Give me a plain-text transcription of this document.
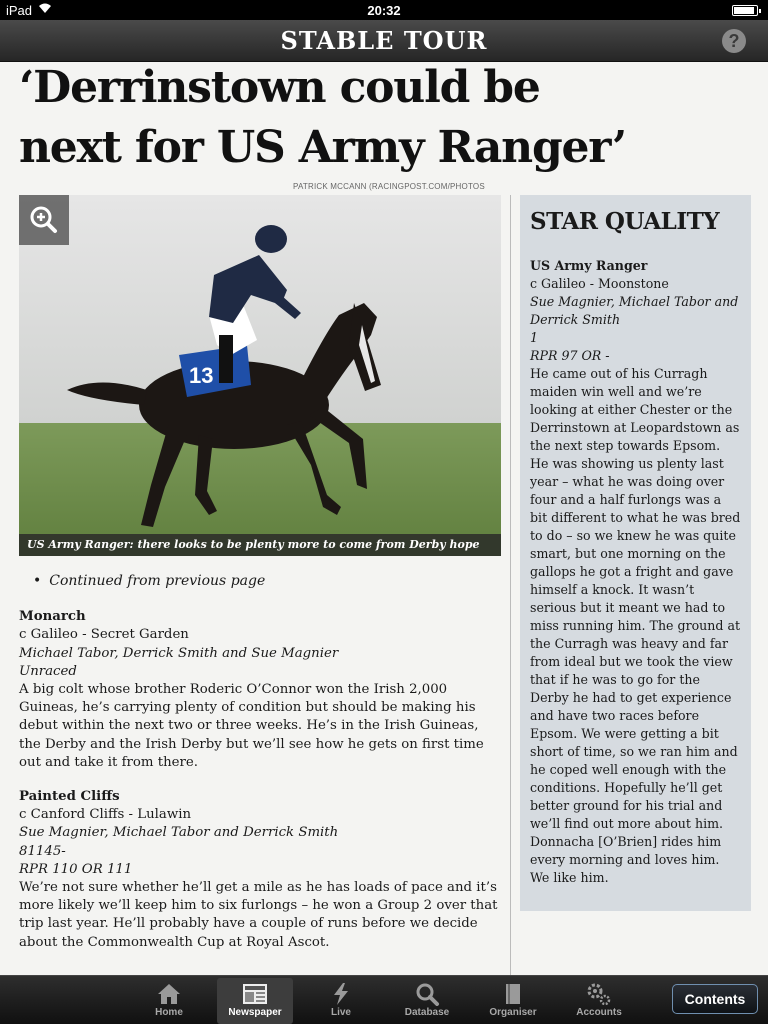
iPad	20:32
STABLE TOUR	?
‘Derrinstown could be
next for US Army Ranger’
PATRICK MCCANN (RACINGPOST.COM/PHOTOS
13
US Army Ranger: there looks to be plenty more to come from Derby hope
• Continued from previous page
Monarch
c Galileo - Secret Garden
Michael Tabor, Derrick Smith and Sue Magnier
Unraced
A big colt whose brother Roderic O’Connor won the Irish 2,000 Guineas, he’s carrying plenty of condition but should be making his debut within the next two or three weeks. He’s in the Irish Guineas, the Derby and the Irish Derby but we’ll see how he gets on first time out and take it from there.
Painted Cliffs
c Canford Cliffs - Lulawin
Sue Magnier, Michael Tabor and Derrick Smith
81145-
RPR 110 OR 111
We’re not sure whether he’ll get a mile as he has loads of pace and it’s more likely we’ll keep him to six furlongs – he won a Group 2 over that trip last year. He’ll probably have a couple of runs before we decide about the Commonwealth Cup at Royal Ascot.
STAR QUALITY
US Army Ranger
c Galileo - Moonstone
Sue Magnier, Michael Tabor and Derrick Smith
1
RPR 97 OR -
He came out of his Curragh maiden win well and we’re looking at either Chester or the Derrinstown at Leopardstown as the next step towards Epsom. He was showing us plenty last year – what he was doing over four and a half furlongs was a bit different to what he was bred to do – so we knew he was quite smart, but one morning on the gallops he got a fright and gave himself a knock. It wasn’t serious but it meant we had to miss running him. The ground at the Curragh was heavy and far from ideal but we took the view that if he was to go for the Derby he had to get experience and have two races before Epsom. We were getting a bit short of time, so we ran him and he coped well enough with the conditions. Hopefully he’ll get better ground for his trial and we’ll find out more about him. Donnacha [O’Brien] rides him every morning and loves him. We like him.
Home	Newspaper	Live	Database	Organiser	Accounts
Contents
